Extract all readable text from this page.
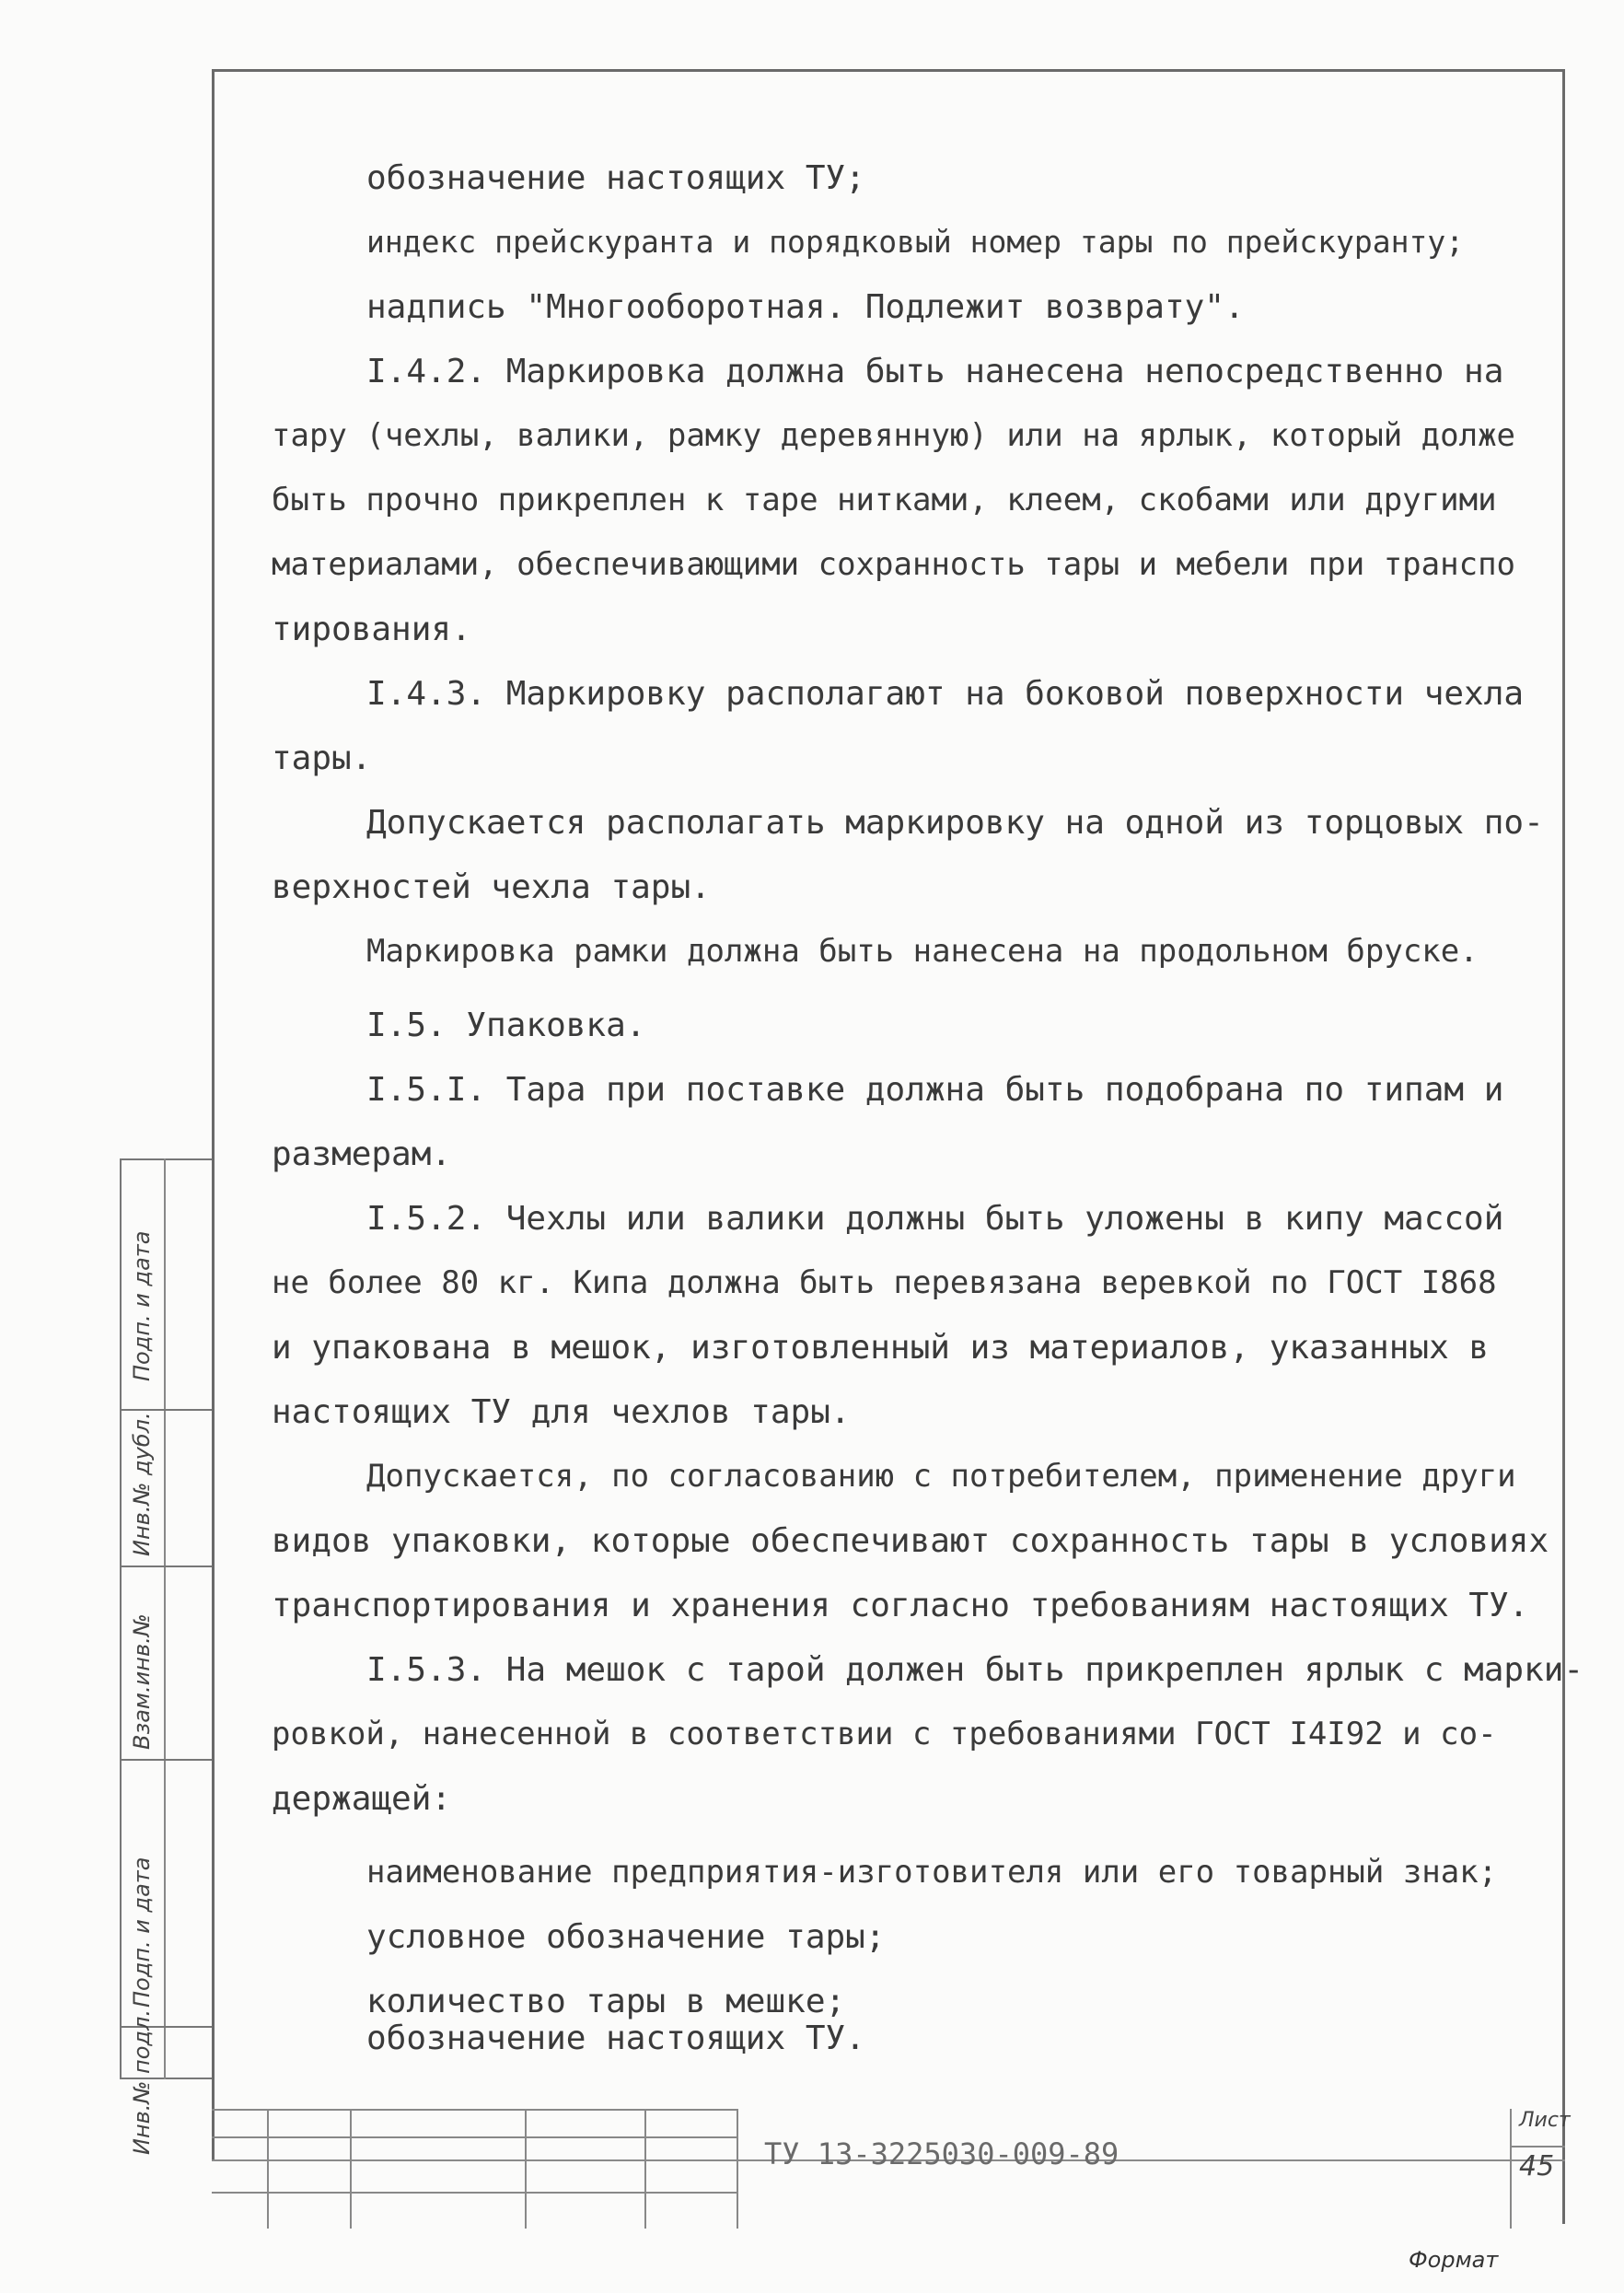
обозначение настоящих ТУ;
индекс прейскуранта и порядковый номер тары по прейскуранту;
надпись "Многооборотная. Подлежит возврату".
I.4.2. Маркировка должна быть нанесена непосредственно на
тару (чехлы, валики, рамку деревянную) или на ярлык, который долже
быть прочно прикреплен к таре нитками, клеем, скобами или другими
материалами, обеспечивающими сохранность тары и мебели при транспо
тирования.
I.4.3. Маркировку располагают на боковой поверхности чехла
тары.
Допускается располагать маркировку на одной из торцовых по-
верхностей чехла тары.
Маркировка рамки должна быть нанесена на продольном бруске.
I.5. Упаковка.
I.5.I. Тара при поставке должна быть подобрана по типам и
размерам.
I.5.2. Чехлы или валики должны быть уложены в кипу массой
не более 80 кг. Кипа должна быть перевязана веревкой по ГОСТ I868
и упакована в мешок, изготовленный из материалов, указанных в
настоящих ТУ для чехлов тары.
Допускается, по согласованию с потребителем, применение други
видов упаковки, которые обеспечивают сохранность тары в условиях
транспортирования и хранения согласно требованиям настоящих ТУ.
I.5.3. На мешок с тарой должен быть прикреплен ярлык с марки-
ровкой, нанесенной в соответствии с требованиями ГОСТ I4I92 и со-
держащей:
наименование предприятия-изготовителя или его товарный знак;
условное обозначение тары;
количество тары в мешке;
обозначение настоящих ТУ.
Подп. и дата
Инв.№ дубл.
Взам.инв.№
Подп. и дата
Инв.№ подл.	ТУ 13-3225030-009-89
Лист
45
Формат
